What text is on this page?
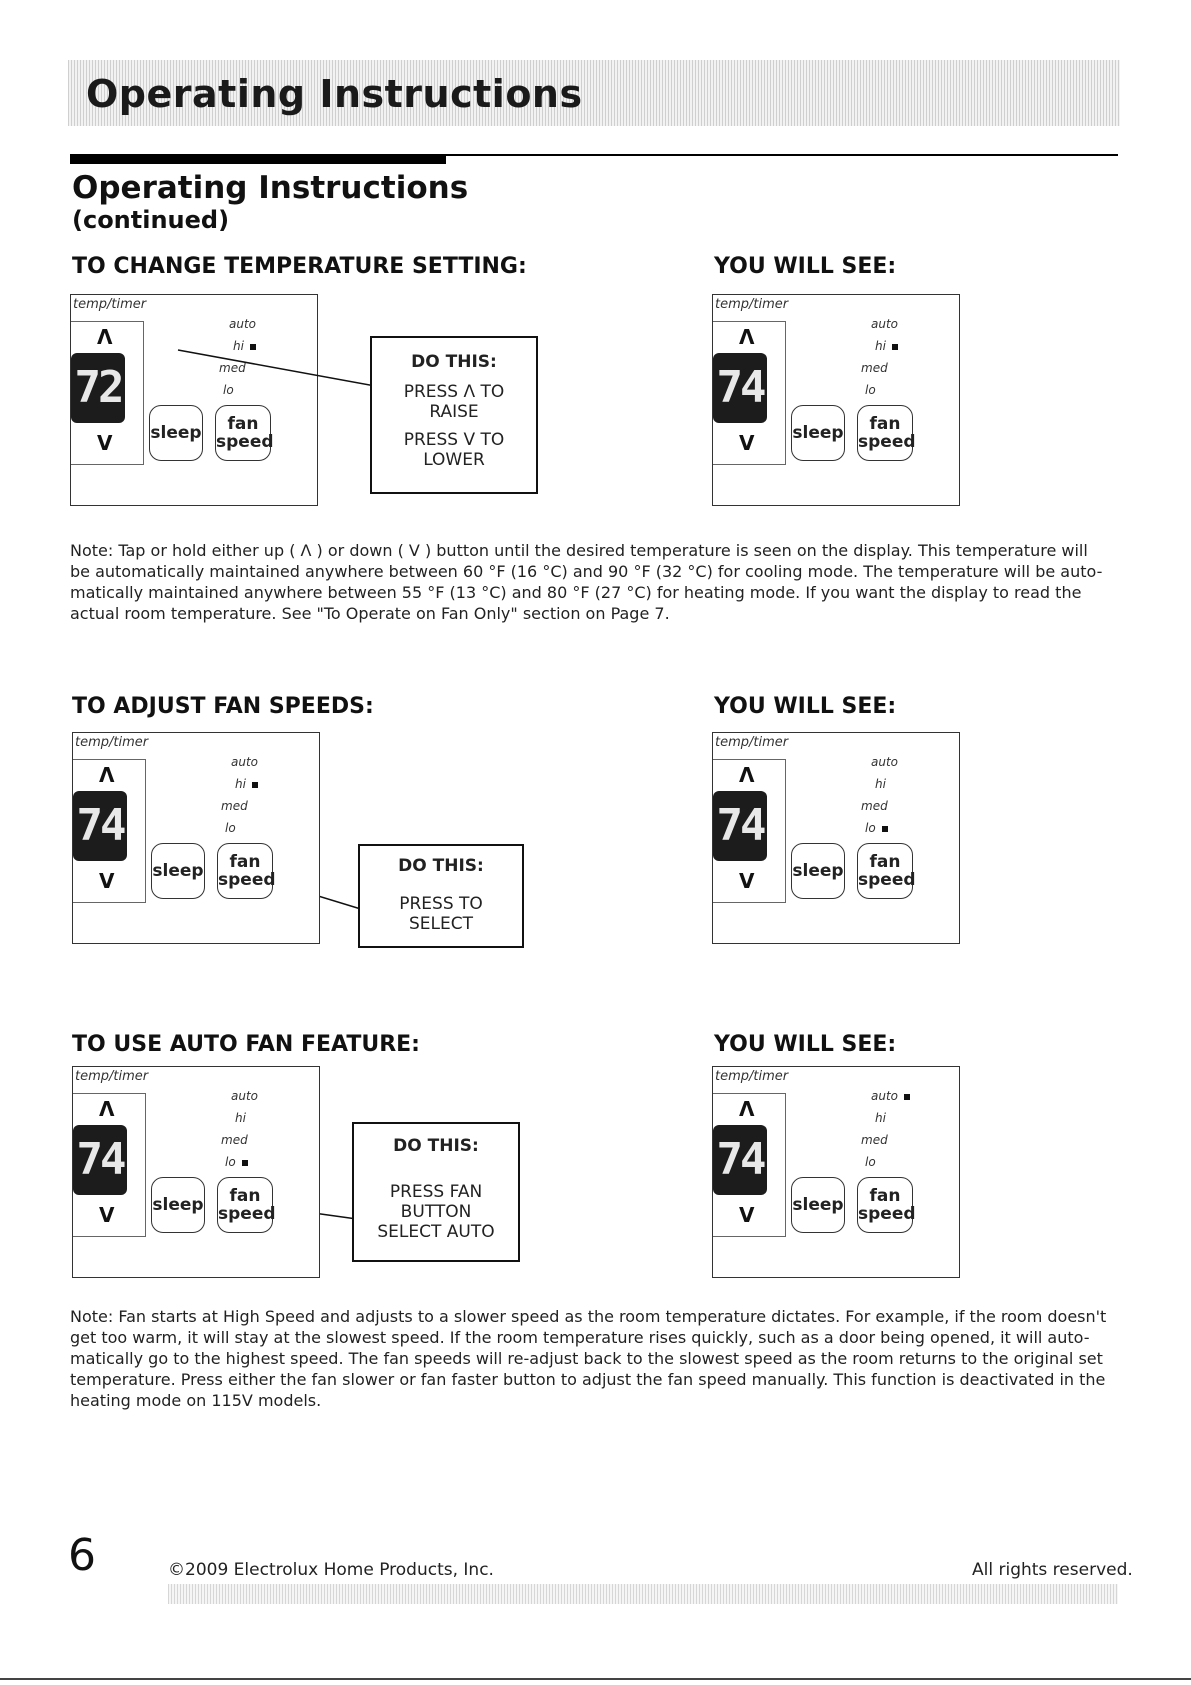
Operating Instructions
Operating Instructions
(continued)
TO CHANGE TEMPERATURE SETTING:	YOU WILL SEE:
temp/timer
Λ
72
V
auto
hi
med
lo
sleep	fan
speed
temp/timer
Λ
74
V
auto
hi
med
lo
sleep	fan
speed
DO THIS:
PRESS Λ TO
RAISE
PRESS V TO
LOWER
Note: Tap or hold either up ( Λ ) or down ( V ) button until the desired temperature is seen on the display. This temperature will be automatically maintained anywhere between 60 °F (16 °C) and 90 °F (32 °C) for cooling mode. The temperature will be auto-matically maintained anywhere between 55 °F (13 °C) and 80 °F (27 °C) for heating mode. If you want the display to read the actual room temperature. See "To Operate on Fan Only" section on Page 7.
TO ADJUST FAN SPEEDS:	YOU WILL SEE:
temp/timer
Λ
74
V
auto
hi
med
lo
sleep	fan
speed
temp/timer
Λ
74
V
auto
hi
med
lo
sleep	fan
speed
DO THIS:
PRESS TO
SELECT
TO USE AUTO FAN FEATURE:	YOU WILL SEE:
temp/timer
Λ
74
V
auto
hi
med
lo
sleep	fan
speed
temp/timer
Λ
74
V
auto
hi
med
lo
sleep	fan
speed
DO THIS:
PRESS FAN
BUTTON
SELECT AUTO
Note: Fan starts at High Speed and adjusts to a slower speed as the room temperature dictates. For example, if the room doesn't get too warm, it will stay at the slowest speed. If the room temperature rises quickly, such as a door being opened, it will auto-matically go to the highest speed. The fan speeds will re-adjust back to the slowest speed as the room returns to the original set temperature. Press either the fan slower or fan faster button to adjust the fan speed manually. This function is deactivated in the heating mode on 115V models.
6	©2009 Electrolux Home Products, Inc.	All rights reserved.
